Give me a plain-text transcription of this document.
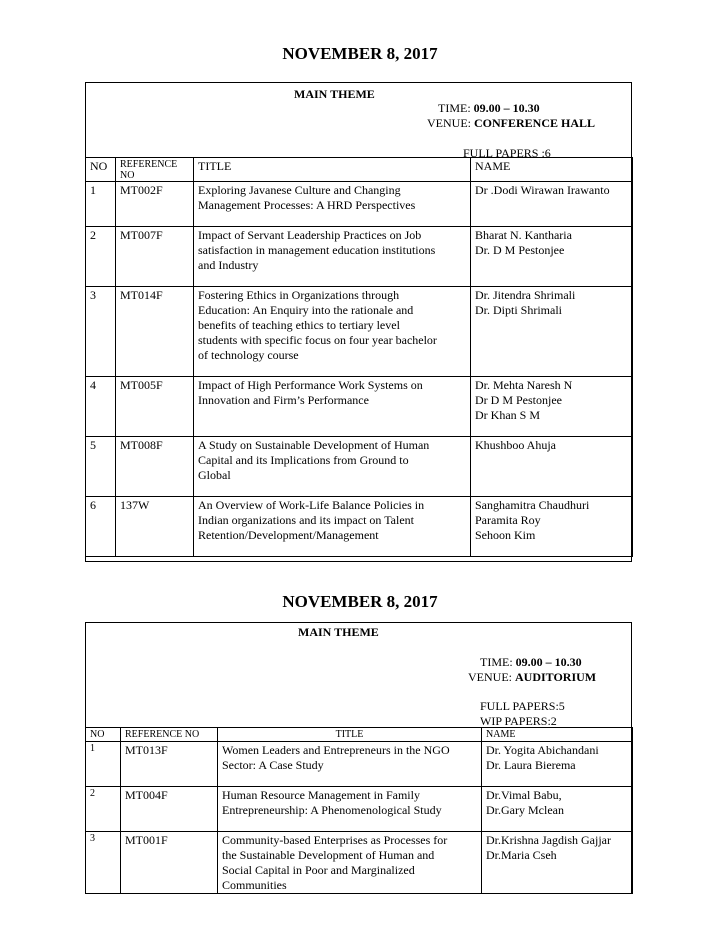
NOVEMBER 8, 2017
MAIN THEME
TIME: 09.00 – 10.30
VENUE: CONFERENCE HALL
FULL PAPERS :6
NO	REFERENCE NO	TITLE	NAME
1	MT002F	Exploring Javanese Culture and Changing
Management Processes: A HRD Perspectives	Dr .Dodi Wirawan Irawanto

2	MT007F	Impact of Servant Leadership Practices on Job
satisfaction in management education institutions
and Industry	Bharat N. Kantharia
Dr. D M Pestonjee

3	MT014F	Fostering Ethics in Organizations through
Education: An Enquiry into the rationale and
benefits of teaching ethics to tertiary level
students with specific focus on four year bachelor
of technology course	Dr. Jitendra Shrimali
Dr. Dipti Shrimali

4	MT005F	Impact of High Performance Work Systems on
Innovation and Firm’s Performance	Dr. Mehta Naresh N
Dr D M Pestonjee
Dr Khan S M

5	MT008F	A Study on Sustainable Development of Human
Capital and its Implications from Ground to
Global	Khushboo Ahuja

6	137W	An Overview of Work-Life Balance Policies in
Indian organizations and its impact on Talent
Retention/Development/Management	Sanghamitra Chaudhuri
Paramita Roy
Sehoon Kim
NOVEMBER 8, 2017
MAIN THEME
TIME: 09.00 – 10.30
VENUE: AUDITORIUM
FULL PAPERS:5
WIP PAPERS:2
NO	REFERENCE NO	TITLE	NAME
1	MT013F	Women Leaders and Entrepreneurs in the NGO
Sector: A Case Study	Dr. Yogita Abichandani
Dr. Laura Bierema

2	MT004F	Human Resource Management in Family
Entrepreneurship: A Phenomenological Study	Dr.Vimal Babu,
Dr.Gary Mclean

3	MT001F	Community-based Enterprises as Processes for
the Sustainable Development of Human and
Social Capital in Poor and Marginalized
Communities	Dr.Krishna Jagdish Gajjar
Dr.Maria Cseh
